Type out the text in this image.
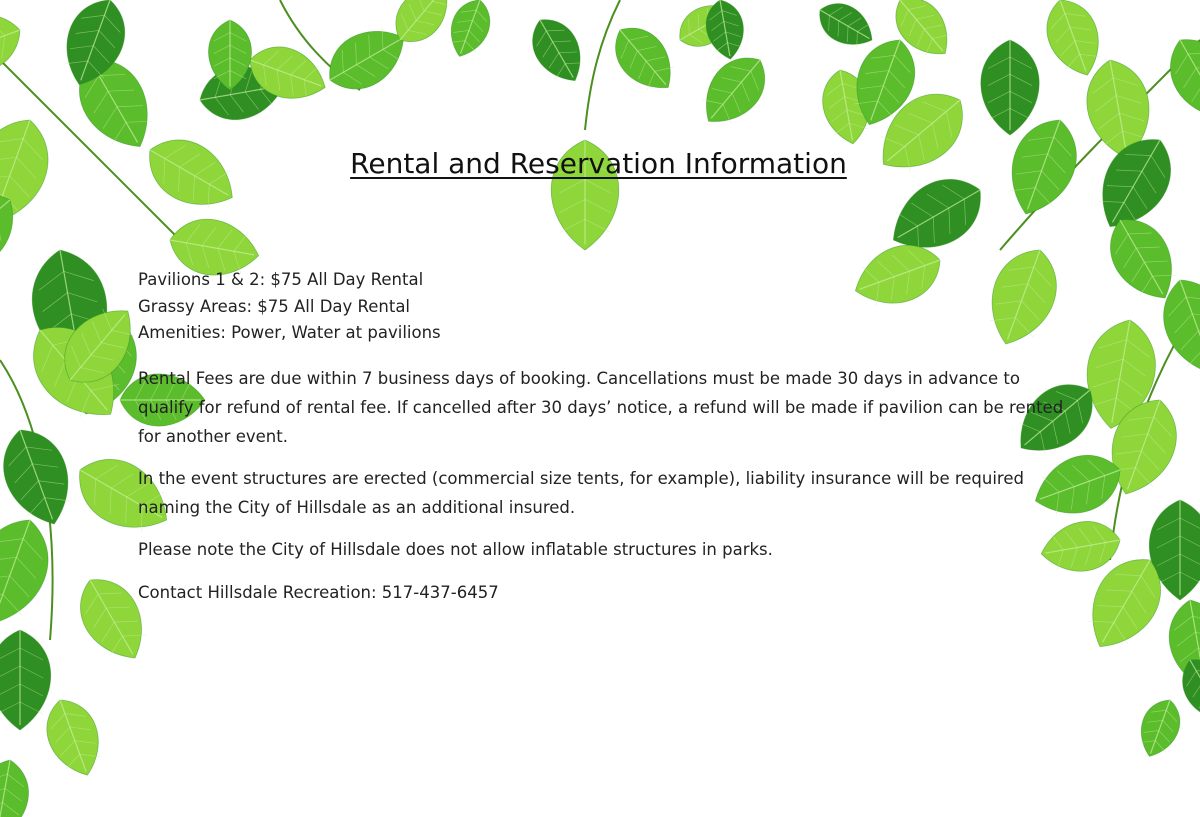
Rental and Reservation Information
Pavilions 1 & 2: $75 All Day Rental
Grassy Areas: $75 All Day Rental
Amenities: Power, Water at pavilions

Rental Fees are due within 7 business days of booking. Cancellations must be made 30 days in advance to qualify for refund of rental fee. If cancelled after 30 days’ notice, a refund will be made if pavilion can be rented for another event.

In the event structures are erected (commercial size tents, for example), liability insurance will be required naming the City of Hillsdale as an additional insured.

Please note the City of Hillsdale does not allow inflatable structures in parks.

Contact Hillsdale Recreation: 517-437-6457
